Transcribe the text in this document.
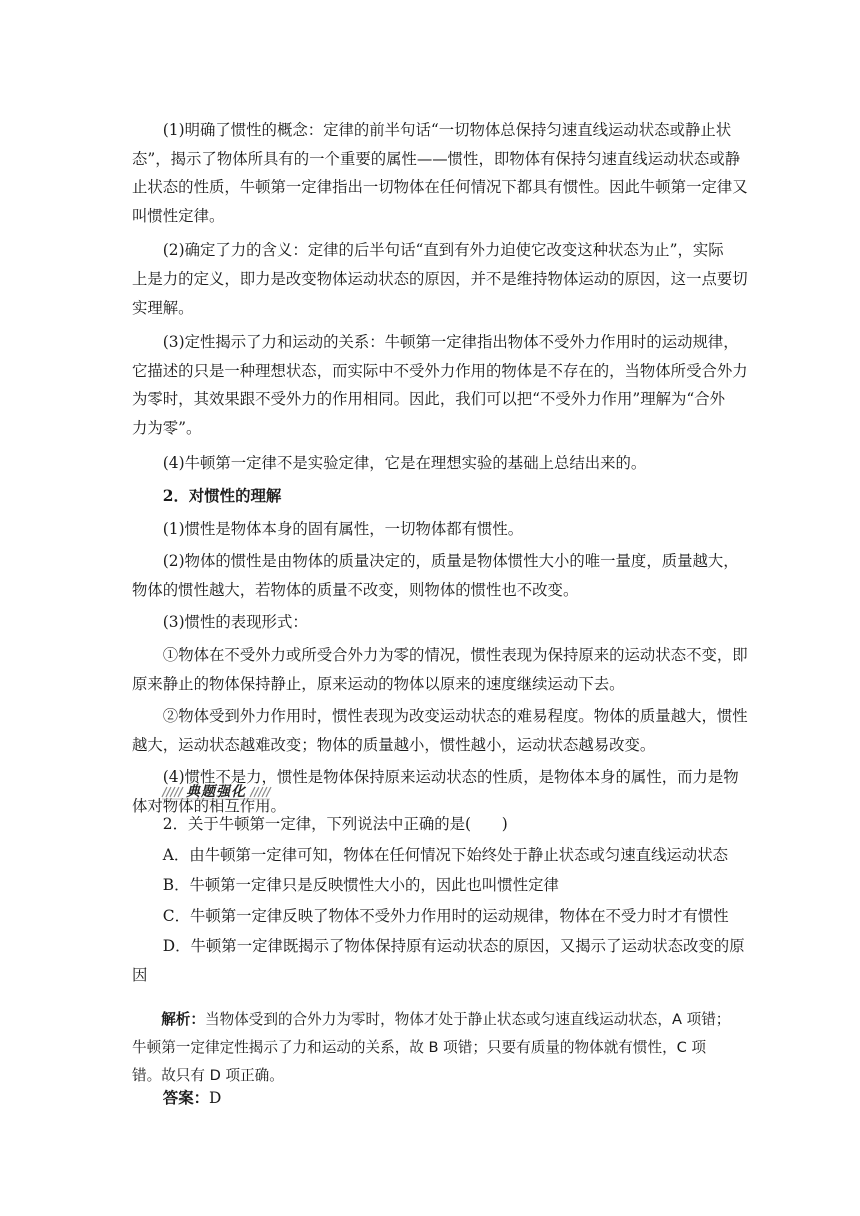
(1)明确了惯性的概念：定律的前半句话“一切物体总保持匀速直线运动状态或静止状

态”，揭示了物体所具有的一个重要的属性——惯性，即物体有保持匀速直线运动状态或静

止状态的性质，牛顿第一定律指出一切物体在任何情况下都具有惯性。因此牛顿第一定律又

叫惯性定律。

(2)确定了力的含义：定律的后半句话“直到有外力迫使它改变这种状态为止”，实际

上是力的定义，即力是改变物体运动状态的原因，并不是维持物体运动的原因，这一点要切

实理解。

(3)定性揭示了力和运动的关系：牛顿第一定律指出物体不受外力作用时的运动规律，

它描述的只是一种理想状态，而实际中不受外力作用的物体是不存在的，当物体所受合外力

为零时，其效果跟不受外力的作用相同。因此，我们可以把“不受外力作用”理解为“合外

力为零”。

(4)牛顿第一定律不是实验定律，它是在理想实验的基础上总结出来的。

2．对惯性的理解

(1)惯性是物体本身的固有属性，一切物体都有惯性。

(2)物体的惯性是由物体的质量决定的，质量是物体惯性大小的唯一量度，质量越大，

物体的惯性越大，若物体的质量不改变，则物体的惯性也不改变。

(3)惯性的表现形式：

①物体在不受外力或所受合外力为零的情况，惯性表现为保持原来的运动状态不变，即

原来静止的物体保持静止，原来运动的物体以原来的速度继续运动下去。

②物体受到外力作用时，惯性表现为改变运动状态的难易程度。物体的质量越大，惯性

越大，运动状态越难改变；物体的质量越小，惯性越小，运动状态越易改变。

(4)惯性不是力，惯性是物体保持原来运动状态的性质，是物体本身的属性，而力是物

体对物体的相互作用。

典题强化

2．关于牛顿第一定律，下列说法中正确的是(　　)

A．由牛顿第一定律可知，物体在任何情况下始终处于静止状态或匀速直线运动状态

B．牛顿第一定律只是反映惯性大小的，因此也叫惯性定律

C．牛顿第一定律反映了物体不受外力作用时的运动规律，物体在不受力时才有惯性

D．牛顿第一定律既揭示了物体保持原有运动状态的原因，又揭示了运动状态改变的原

因

解析：当物体受到的合外力为零时，物体才处于静止状态或匀速直线运动状态，A 项错；

牛顿第一定律定性揭示了力和运动的关系，故 B 项错；只要有质量的物体就有惯性，C 项

错。故只有 D 项正确。

答案：D
